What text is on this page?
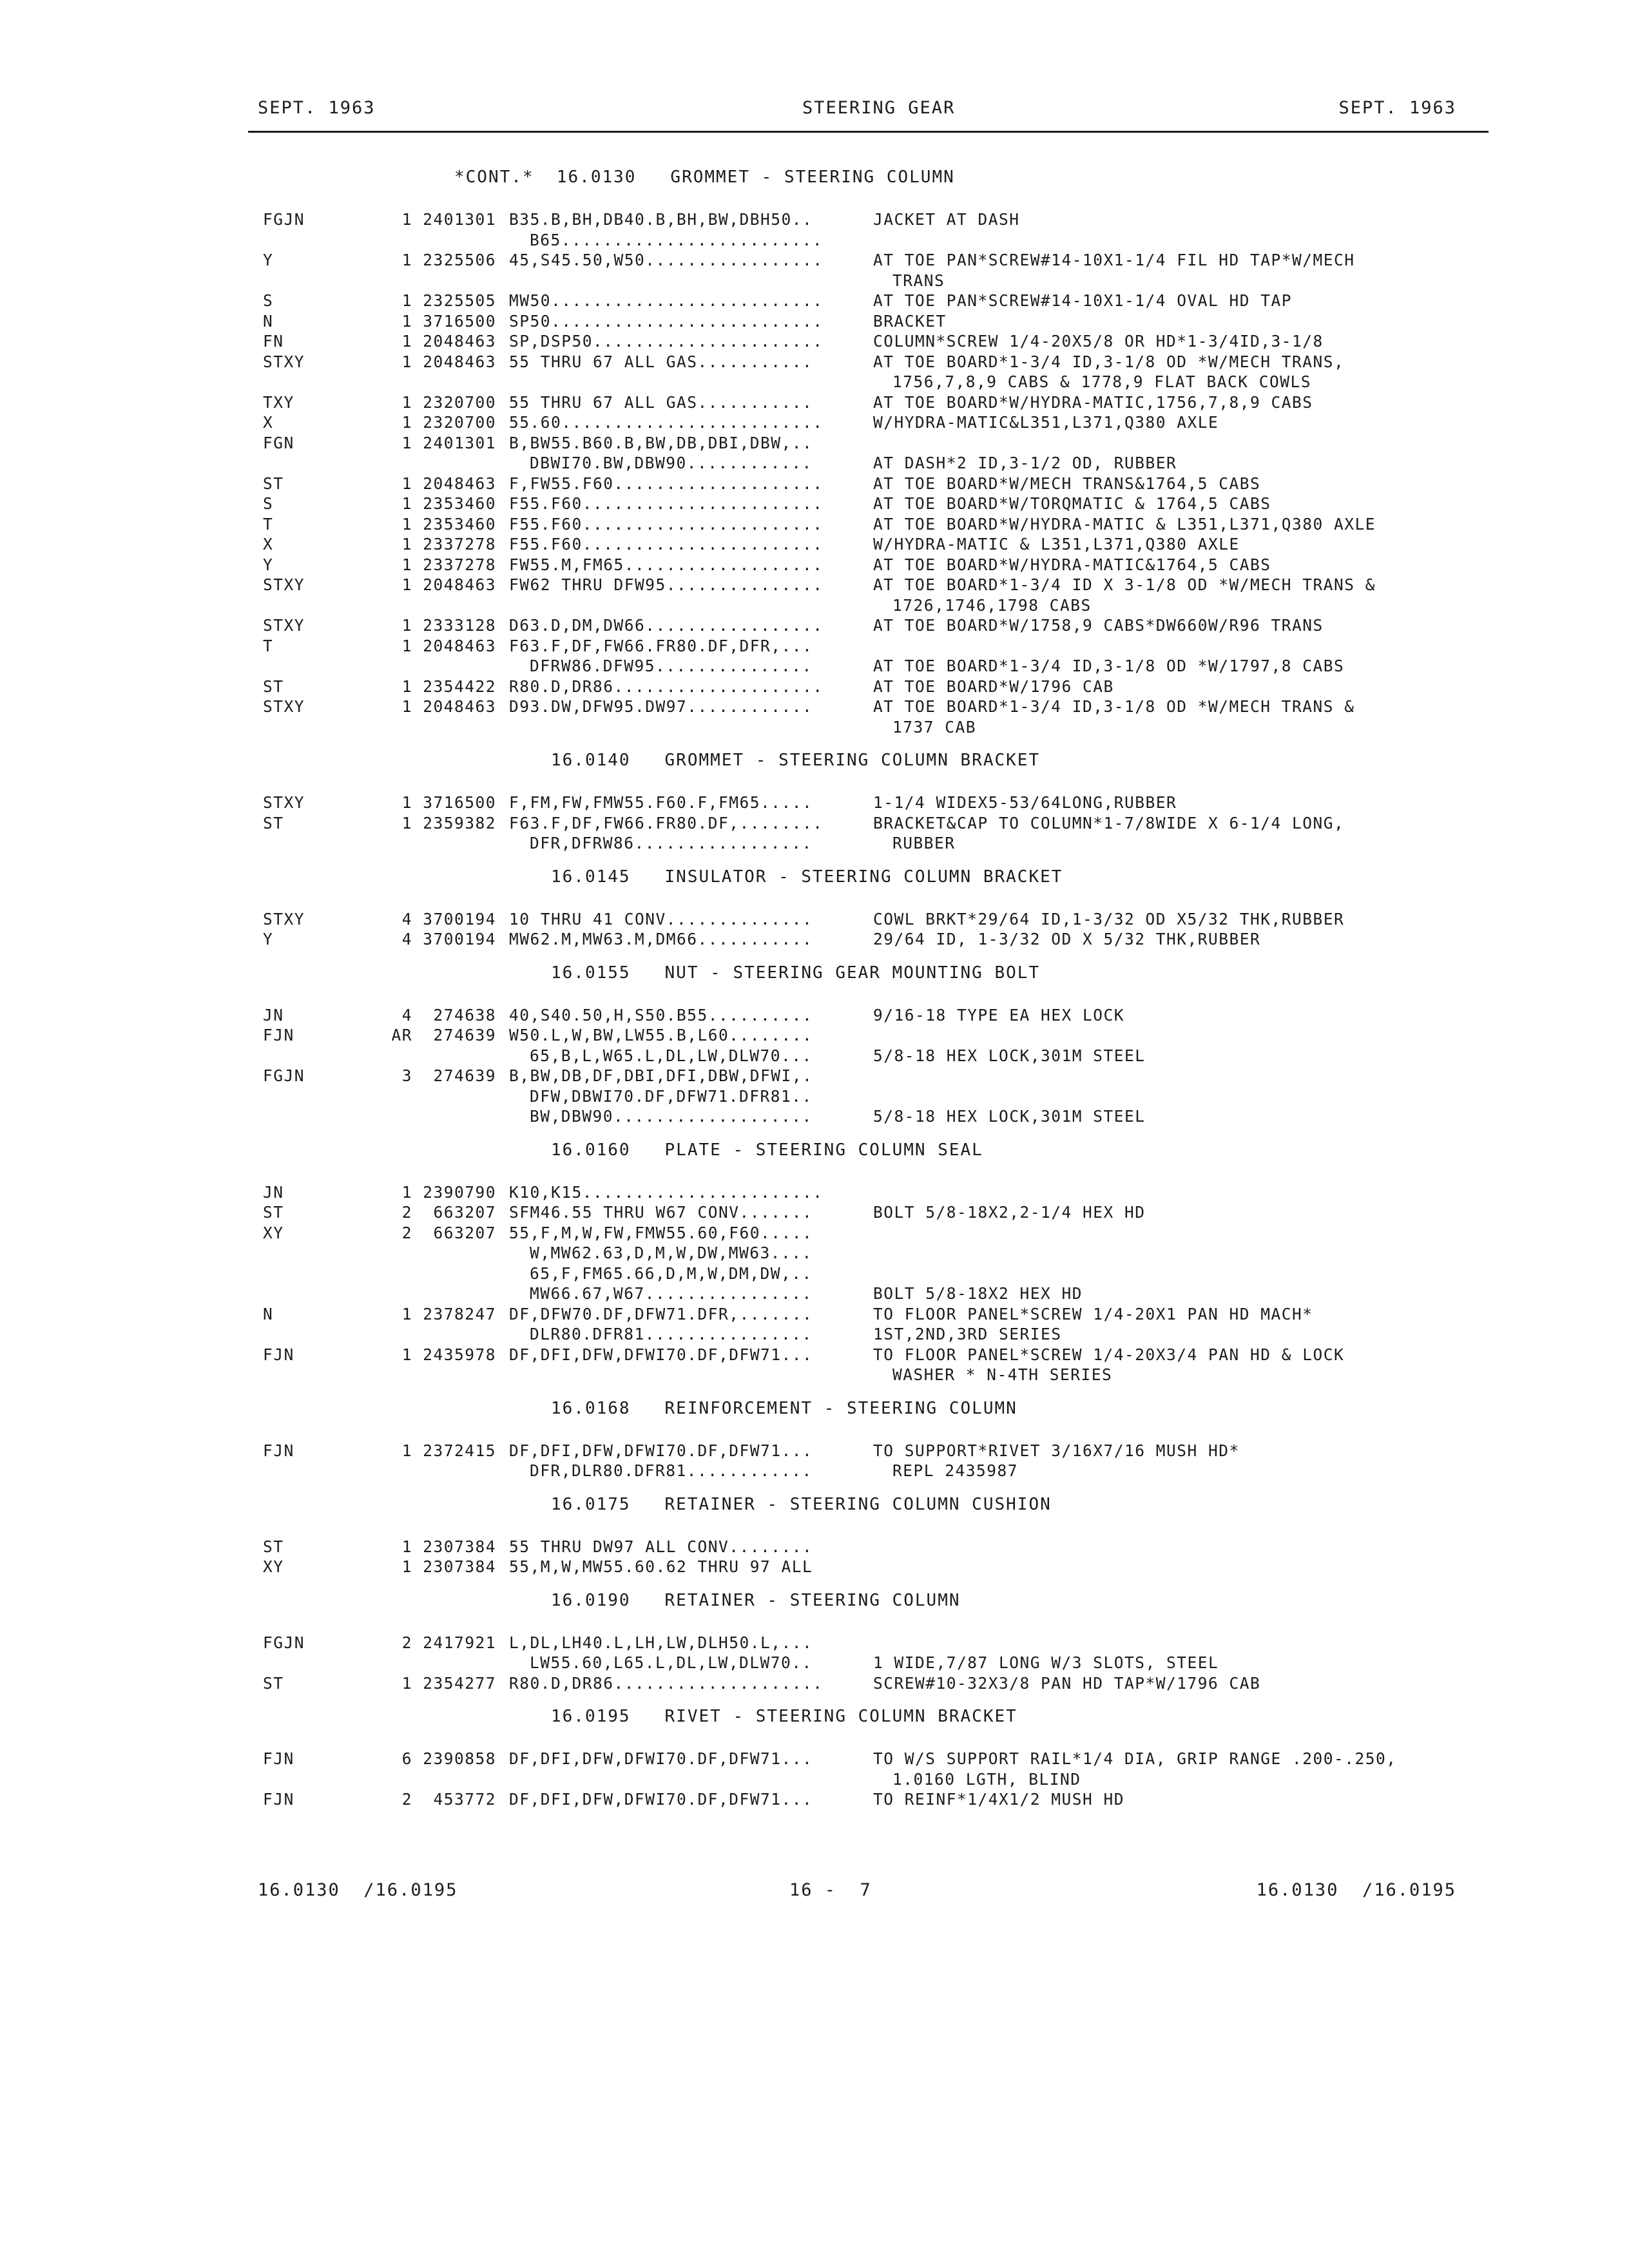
SEPT. 1963	STEERING GEAR	SEPT. 1963
*CONT.*  16.0130   GROMMET - STEERING COLUMN
FGJN	1 2401301 B35.B,BH,DB40.B,BH,BW,DBH50..	JACKET AT DASH
B65.........................
Y	1 2325506 45,S45.50,W50.................	AT TOE PAN*SCREW#14-10X1-1/4 FIL HD TAP*W/MECH
TRANS
S	1 2325505 MW50..........................	AT TOE PAN*SCREW#14-10X1-1/4 OVAL HD TAP
N	1 3716500 SP50..........................	BRACKET
FN	1 2048463 SP,DSP50......................	COLUMN*SCREW 1/4-20X5/8 OR HD*1-3/4ID,3-1/8
STXY	1 2048463 55 THRU 67 ALL GAS...........	AT TOE BOARD*1-3/4 ID,3-1/8 OD *W/MECH TRANS,
1756,7,8,9 CABS & 1778,9 FLAT BACK COWLS
TXY	1 2320700 55 THRU 67 ALL GAS...........	AT TOE BOARD*W/HYDRA-MATIC,1756,7,8,9 CABS
X	1 2320700 55.60.........................	W/HYDRA-MATIC&L351,L371,Q380 AXLE
FGN	1 2401301 B,BW55.B60.B,BW,DB,DBI,DBW,..
DBWI70.BW,DBW90............	AT DASH*2 ID,3-1/2 OD, RUBBER
ST	1 2048463 F,FW55.F60....................	AT TOE BOARD*W/MECH TRANS&1764,5 CABS
S	1 2353460 F55.F60.......................	AT TOE BOARD*W/TORQMATIC & 1764,5 CABS
T	1 2353460 F55.F60.......................	AT TOE BOARD*W/HYDRA-MATIC & L351,L371,Q380 AXLE
X	1 2337278 F55.F60.......................	W/HYDRA-MATIC & L351,L371,Q380 AXLE
Y	1 2337278 FW55.M,FM65...................	AT TOE BOARD*W/HYDRA-MATIC&1764,5 CABS
STXY	1 2048463 FW62 THRU DFW95...............	AT TOE BOARD*1-3/4 ID X 3-1/8 OD *W/MECH TRANS &
1726,1746,1798 CABS
STXY	1 2333128 D63.D,DM,DW66.................	AT TOE BOARD*W/1758,9 CABS*DW660W/R96 TRANS
T	1 2048463 F63.F,DF,FW66.FR80.DF,DFR,...
DFRW86.DFW95...............	AT TOE BOARD*1-3/4 ID,3-1/8 OD *W/1797,8 CABS
ST	1 2354422 R80.D,DR86....................	AT TOE BOARD*W/1796 CAB
STXY	1 2048463 D93.DW,DFW95.DW97............	AT TOE BOARD*1-3/4 ID,3-1/8 OD *W/MECH TRANS &
1737 CAB
16.0140   GROMMET - STEERING COLUMN BRACKET
STXY	1 3716500 F,FM,FW,FMW55.F60.F,FM65.....	1-1/4 WIDEX5-53/64LONG,RUBBER
ST	1 2359382 F63.F,DF,FW66.FR80.DF,........	BRACKET&CAP TO COLUMN*1-7/8WIDE X 6-1/4 LONG,
DFR,DFRW86.................	RUBBER
16.0145   INSULATOR - STEERING COLUMN BRACKET
STXY	4 3700194 10 THRU 41 CONV..............	COWL BRKT*29/64 ID,1-3/32 OD X5/32 THK,RUBBER
Y	4 3700194 MW62.M,MW63.M,DM66...........	29/64 ID, 1-3/32 OD X 5/32 THK,RUBBER
16.0155   NUT - STEERING GEAR MOUNTING BOLT
JN	4	274638 40,S40.50,H,S50.B55..........	9/16-18 TYPE EA HEX LOCK
FJN	AR	274639 W50.L,W,BW,LW55.B,L60........
65,B,L,W65.L,DL,LW,DLW70...	5/8-18 HEX LOCK,301M STEEL
FGJN	3	274639 B,BW,DB,DF,DBI,DFI,DBW,DFWI,.
DFW,DBWI70.DF,DFW71.DFR81..
BW,DBW90...................	5/8-18 HEX LOCK,301M STEEL
16.0160   PLATE - STEERING COLUMN SEAL
JN	1 2390790 K10,K15.......................
ST	2	663207 SFM46.55 THRU W67 CONV.......	BOLT 5/8-18X2,2-1/4 HEX HD
XY	2	663207 55,F,M,W,FW,FMW55.60,F60.....
W,MW62.63,D,M,W,DW,MW63....
65,F,FM65.66,D,M,W,DM,DW,..
MW66.67,W67................	BOLT 5/8-18X2 HEX HD
N	1 2378247 DF,DFW70.DF,DFW71.DFR,.......	TO FLOOR PANEL*SCREW 1/4-20X1 PAN HD MACH*
DLR80.DFR81................	1ST,2ND,3RD SERIES
FJN	1 2435978 DF,DFI,DFW,DFWI70.DF,DFW71...	TO FLOOR PANEL*SCREW 1/4-20X3/4 PAN HD & LOCK
WASHER * N-4TH SERIES
16.0168   REINFORCEMENT - STEERING COLUMN
FJN	1 2372415 DF,DFI,DFW,DFWI70.DF,DFW71...	TO SUPPORT*RIVET 3/16X7/16 MUSH HD*
DFR,DLR80.DFR81............	REPL 2435987
16.0175   RETAINER - STEERING COLUMN CUSHION
ST	1 2307384 55 THRU DW97 ALL CONV........
XY	1 2307384 55,M,W,MW55.60.62 THRU 97 ALL
16.0190   RETAINER - STEERING COLUMN
FGJN	2 2417921 L,DL,LH40.L,LH,LW,DLH50.L,...
LW55.60,L65.L,DL,LW,DLW70..	1 WIDE,7/87 LONG W/3 SLOTS, STEEL
ST	1 2354277 R80.D,DR86....................	SCREW#10-32X3/8 PAN HD TAP*W/1796 CAB
16.0195   RIVET - STEERING COLUMN BRACKET
FJN	6 2390858 DF,DFI,DFW,DFWI70.DF,DFW71...	TO W/S SUPPORT RAIL*1/4 DIA, GRIP RANGE .200-.250,
1.0160 LGTH, BLIND
FJN	2	453772 DF,DFI,DFW,DFWI70.DF,DFW71...	TO REINF*1/4X1/2 MUSH HD
16.0130  /16.0195	16 -  7	16.0130  /16.0195
